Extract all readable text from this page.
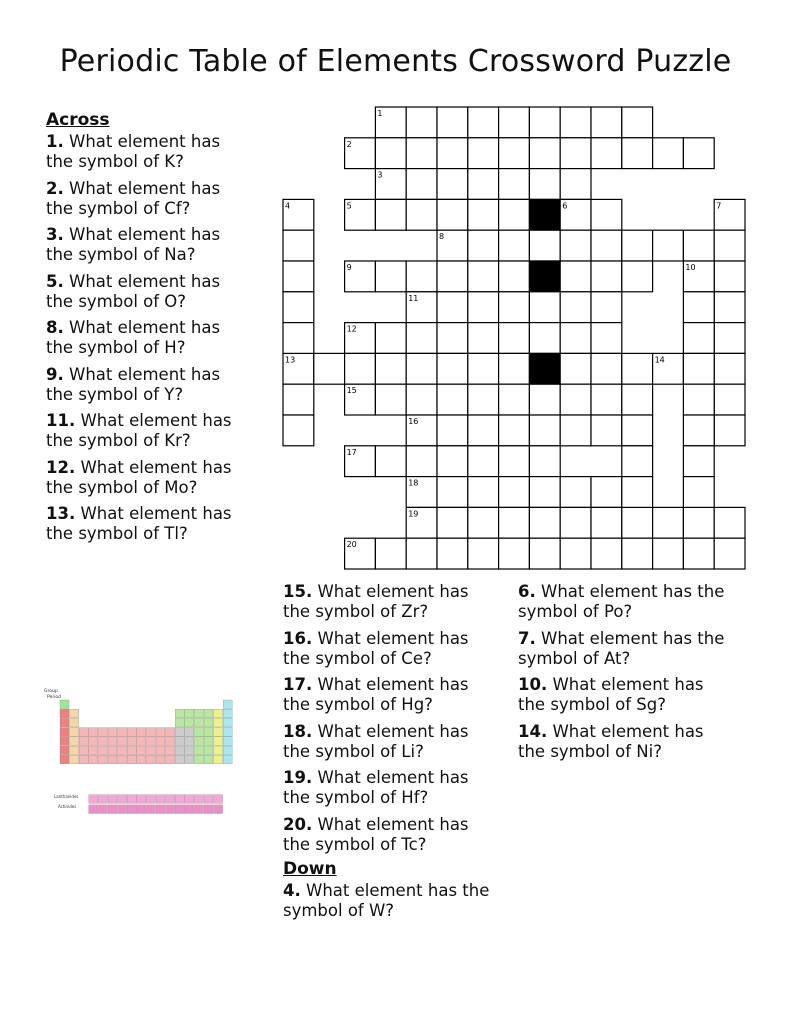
Periodic Table of Elements Crossword Puzzle
Across
1. What element has the symbol of K?
2. What element has the symbol of Cf?
3. What element has the symbol of Na?
5. What element has the symbol of O?
8. What element has the symbol of H?
9. What element has the symbol of Y?
11. What element has the symbol of Kr?
12. What element has the symbol of Mo?
13. What element has the symbol of Tl?
15. What element has the symbol of Zr?
16. What element has the symbol of Ce?
17. What element has the symbol of Hg?
18. What element has the symbol of Li?
19. What element has the symbol of Hf?
20. What element has the symbol of Tc?
Down
4. What element has the symbol of W?
6. What element has the symbol of Po?
7. What element has the symbol of At?
10. What element has the symbol of Sg?
14. What element has the symbol of Ni?
1
2
3
4	5	6	7
8
9	10
11
12
13	14
15
16
17
18
19
20
Group
Period
Lanthanides
Actinides
